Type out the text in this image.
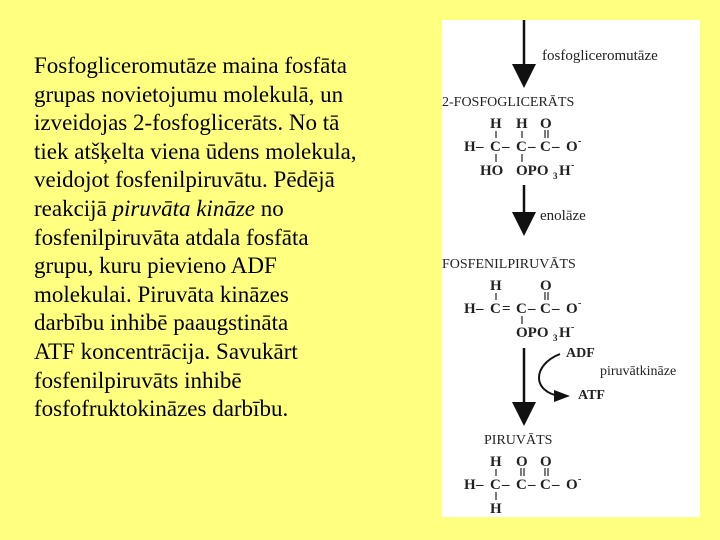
Fosfogliceromutāze maina fosfāta
grupas novietojumu molekulā, un
izveidojas 2-fosfoglicerāts. No tā
tiek atšķelta viena ūdens molekula,
veidojot fosfenilpiruvātu. Pēdējā
reakcijā piruvāta kināze no
fosfenilpiruvāta atdala fosfāta
grupu, kuru pievieno ADF
molekulai. Piruvāta kināzes
darbību inhibē paaugstināta
ATF koncentrācija. Savukārt
fosfenilpiruvāts inhibē
fosfofruktokināzes darbību.
fosfogliceromutāze
2-FOSFOGLICERĀTS
H H O
H – C – C – C – O -
HO OPO 3 H -
enolāze
FOSFENILPIRUVĀTS
H	O
H – C = C – C – O -
OPO 3 H -
ADF
piruvātkināze
ATF
PIRUVĀTS
H O O
H – C – C – C – O -
H
